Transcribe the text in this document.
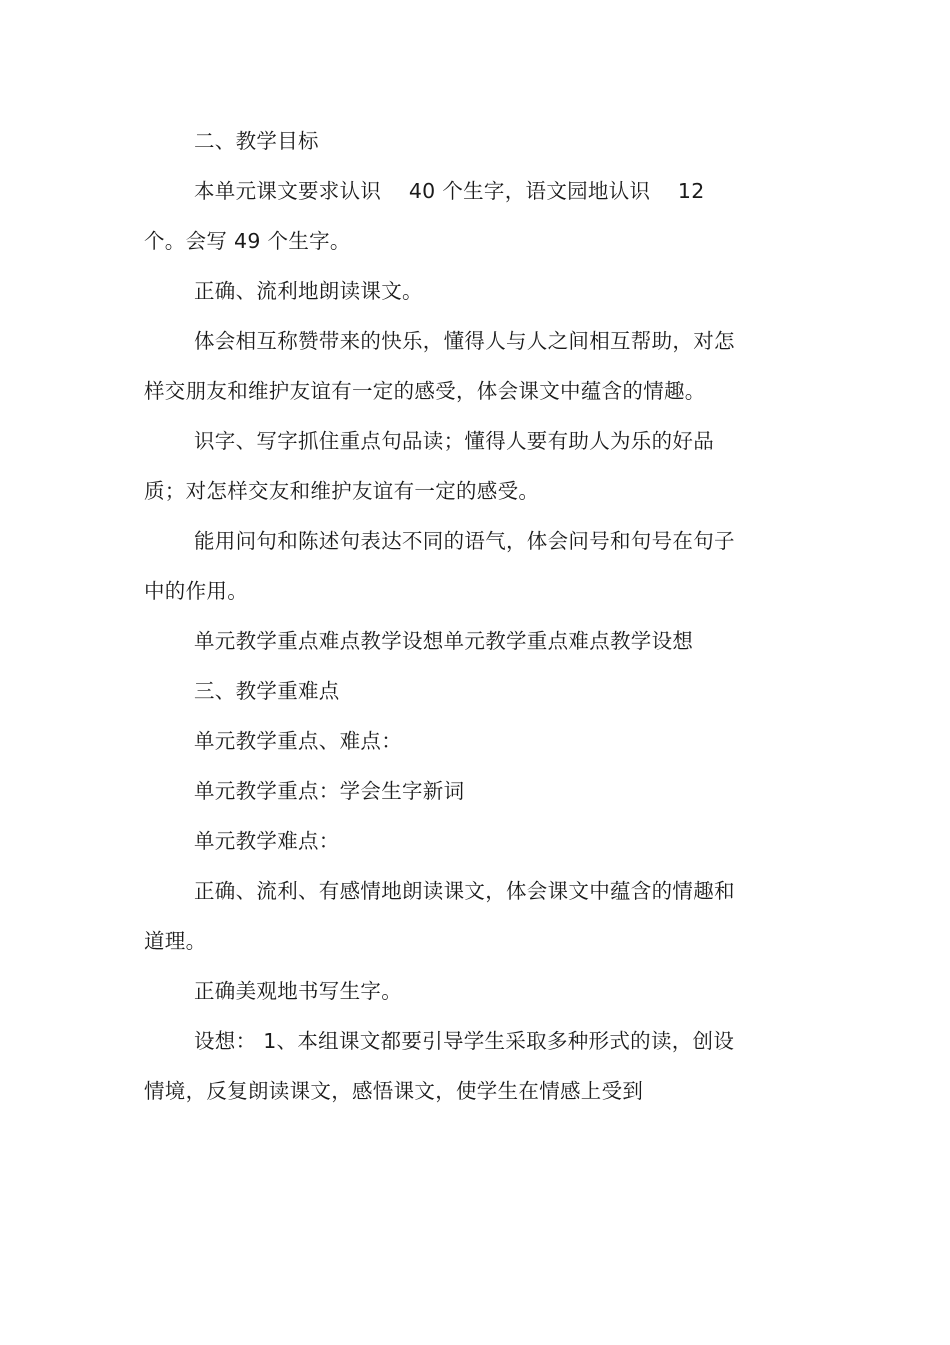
二、教学目标

本单元课文要求认识　 40 个生字，语文园地认识　 12 个。会写 49 个生字。

正确、流利地朗读课文。

体会相互称赞带来的快乐，懂得人与人之间相互帮助，对怎样交朋友和维护友谊有一定的感受，体会课文中蕴含的情趣。

识字、写字抓住重点句品读；懂得人要有助人为乐的好品质；对怎样交友和维护友谊有一定的感受。

能用问句和陈述句表达不同的语气，体会问号和句号在句子中的作用。

单元教学重点难点教学设想单元教学重点难点教学设想

三、教学重难点

单元教学重点、难点：

单元教学重点：学会生字新词

单元教学难点：

正确、流利、有感情地朗读课文，体会课文中蕴含的情趣和道理。

正确美观地书写生字。

设想： 1、本组课文都要引导学生采取多种形式的读，创设情境，反复朗读课文，感悟课文，使学生在情感上受到
